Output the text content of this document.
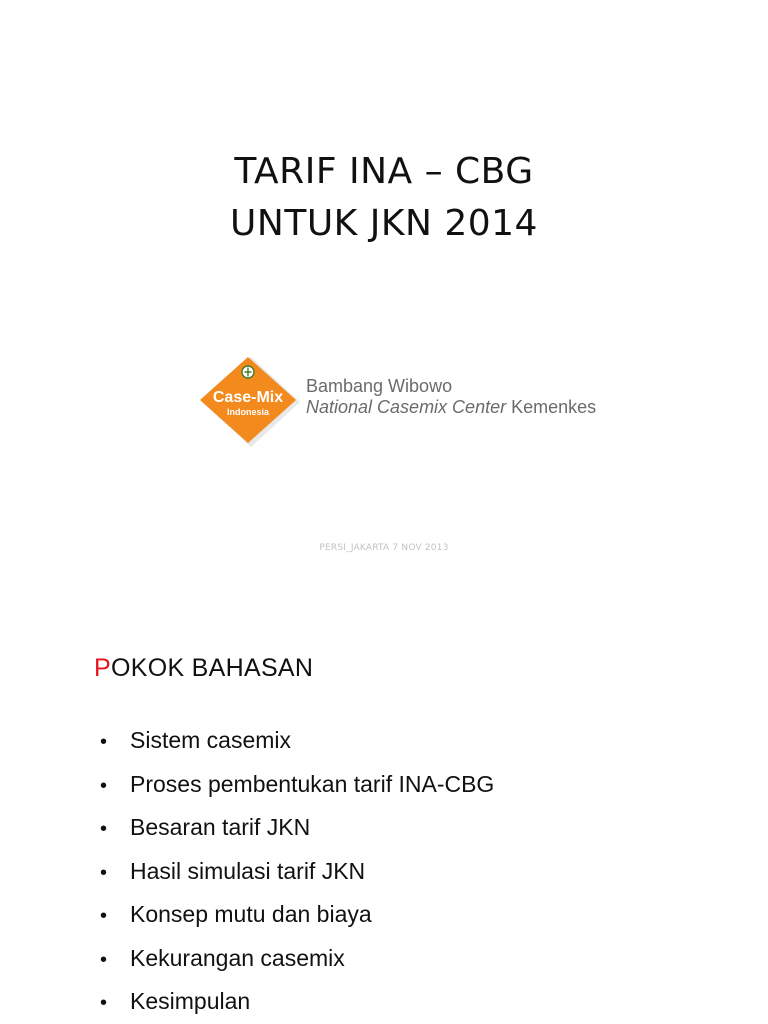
TARIF INA – CBG
UNTUK JKN 2014
Case-Mix
Indonesia
Bambang Wibowo
National Casemix Center Kemenkes
PERSI_JAKARTA 7 NOV 2013
POKOK BAHASAN
• Sistem casemix
• Proses pembentukan tarif INA-CBG
• Besaran tarif JKN
• Hasil simulasi tarif JKN
• Konsep mutu dan biaya
• Kekurangan casemix
• Kesimpulan
